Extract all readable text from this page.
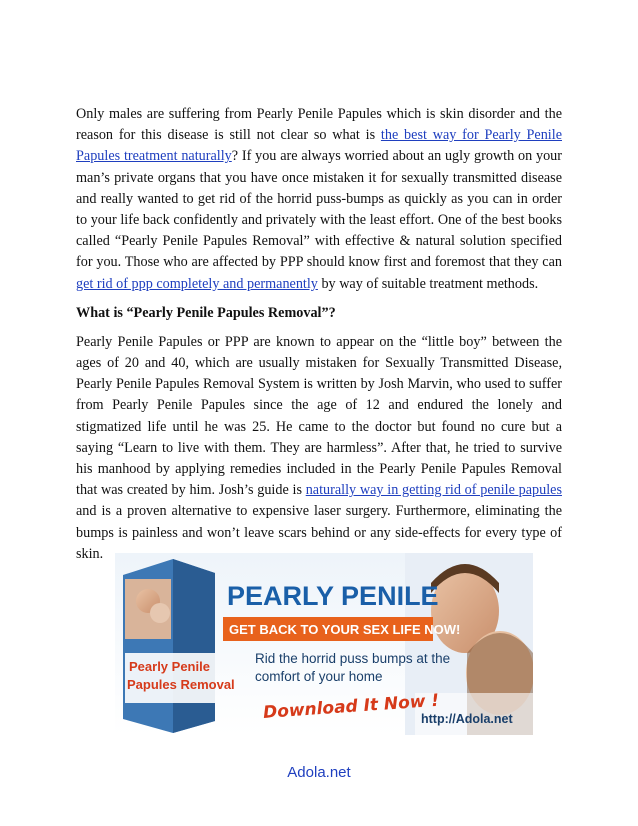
Only males are suffering from Pearly Penile Papules which is skin disorder and the reason for this disease is still not clear so what is the best way for Pearly Penile Papules treatment naturally? If you are always worried about an ugly growth on your man’s private organs that you have once mistaken it for sexually transmitted disease and really wanted to get rid of the horrid puss-bumps as quickly as you can in order to your life back confidently and privately with the least effort. One of the best books called “Pearly Penile Papules Removal” with effective & natural solution specified for you. Those who are affected by PPP should know first and foremost that they can get rid of ppp completely and permanently by way of suitable treatment methods.

What is “Pearly Penile Papules Removal”?

Pearly Penile Papules or PPP are known to appear on the “little boy” between the ages of 20 and 40, which are usually mistaken for Sexually Transmitted Disease, Pearly Penile Papules Removal System is written by Josh Marvin, who used to suffer from Pearly Penile Papules since the age of 12 and endured the lonely and stigmatized life until he was 25. He came to the doctor but found no cure but a saying “Learn to live with them. They are harmless”. After that, he tried to survive his manhood by applying remedies included in the Pearly Penile Papules Removal that was created by him. Josh’s guide is naturally way in getting rid of penile papules and is a proven alternative to expensive laser surgery. Furthermore, eliminating the bumps is painless and won’t leave scars behind or any side-effects for every type of skin.

Pearly Penile
Papules Removal
PEARLY PENILE
GET BACK TO YOUR SEX LIFE NOW!
Rid the horrid puss bumps at the
comfort of your home
Download It Now !
http://Adola.net
Adola.net
